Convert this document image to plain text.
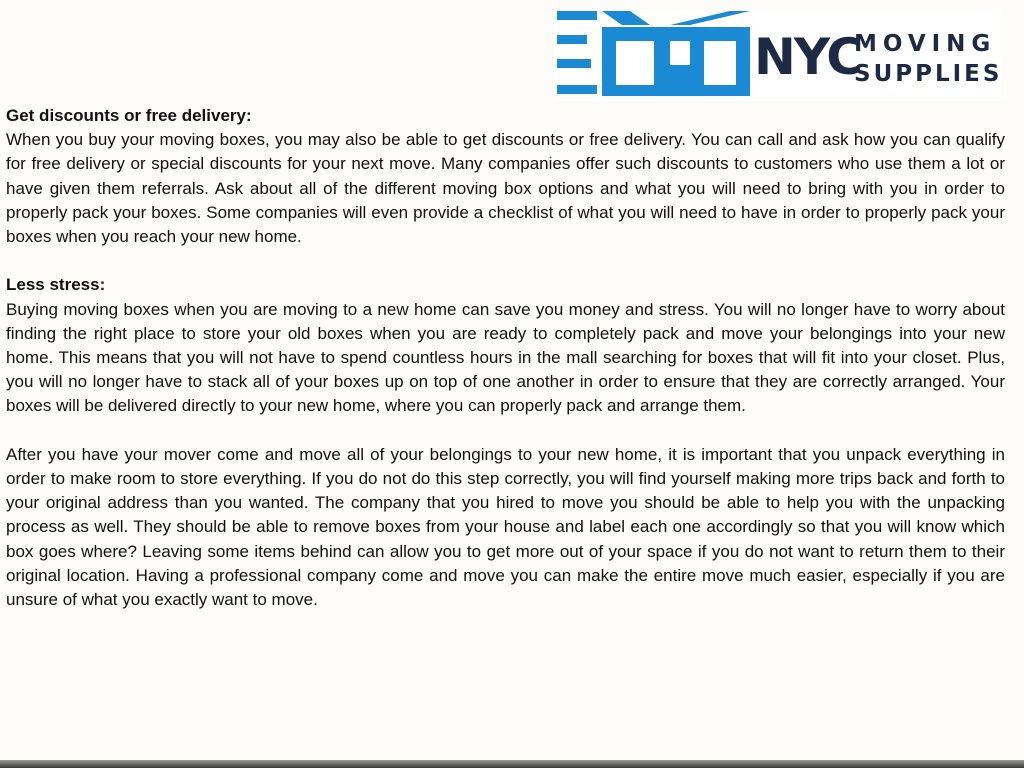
NYC
MOVING
SUPPLIES

Get discounts or free delivery:

When you buy your moving boxes, you may also be able to get discounts or free delivery. You can call and ask how you can qualify for free delivery or special discounts for your next move. Many companies offer such discounts to customers who use them a lot or have given them referrals. Ask about all of the different moving box options and what you will need to bring with you in order to properly pack your boxes. Some companies will even provide a checklist of what you will need to have in order to properly pack your boxes when you reach your new home.

Less stress:

Buying moving boxes when you are moving to a new home can save you money and stress. You will no longer have to worry about finding the right place to store your old boxes when you are ready to completely pack and move your belongings into your new home. This means that you will not have to spend countless hours in the mall searching for boxes that will fit into your closet. Plus, you will no longer have to stack all of your boxes up on top of one another in order to ensure that they are correctly arranged. Your boxes will be delivered directly to your new home, where you can properly pack and arrange them.

After you have your mover come and move all of your belongings to your new home, it is important that you unpack everything in order to make room to store everything. If you do not do this step correctly, you will find yourself making more trips back and forth to your original address than you wanted. The company that you hired to move you should be able to help you with the unpacking process as well. They should be able to remove boxes from your house and label each one accordingly so that you will know which box goes where? Leaving some items behind can allow you to get more out of your space if you do not want to return them to their original location. Having a professional company come and move you can make the entire move much easier, especially if you are unsure of what you exactly want to move.
